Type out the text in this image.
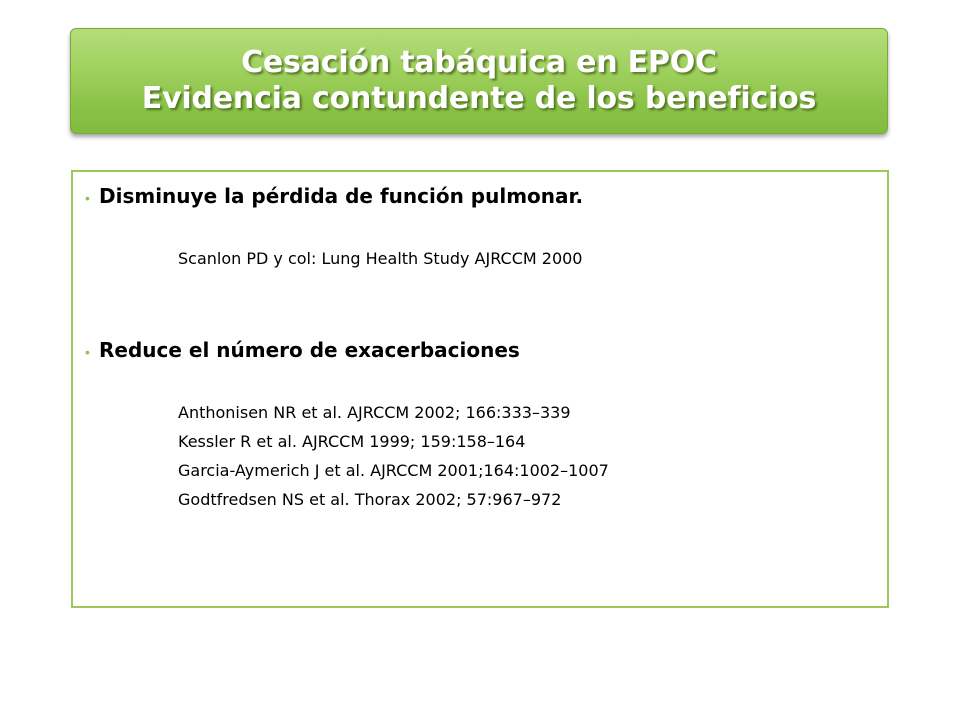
Cesación tabáquica en EPOC
Evidencia contundente de los beneficios
• Disminuye la pérdida de función pulmonar.
Scanlon PD y col: Lung Health Study AJRCCM 2000
• Reduce el número de exacerbaciones
Anthonisen NR et al. AJRCCM 2002; 166:333–339
Kessler R et al. AJRCCM 1999; 159:158–164
Garcia-Aymerich J et al. AJRCCM 2001;164:1002–1007
Godtfredsen NS et al. Thorax 2002; 57:967–972
